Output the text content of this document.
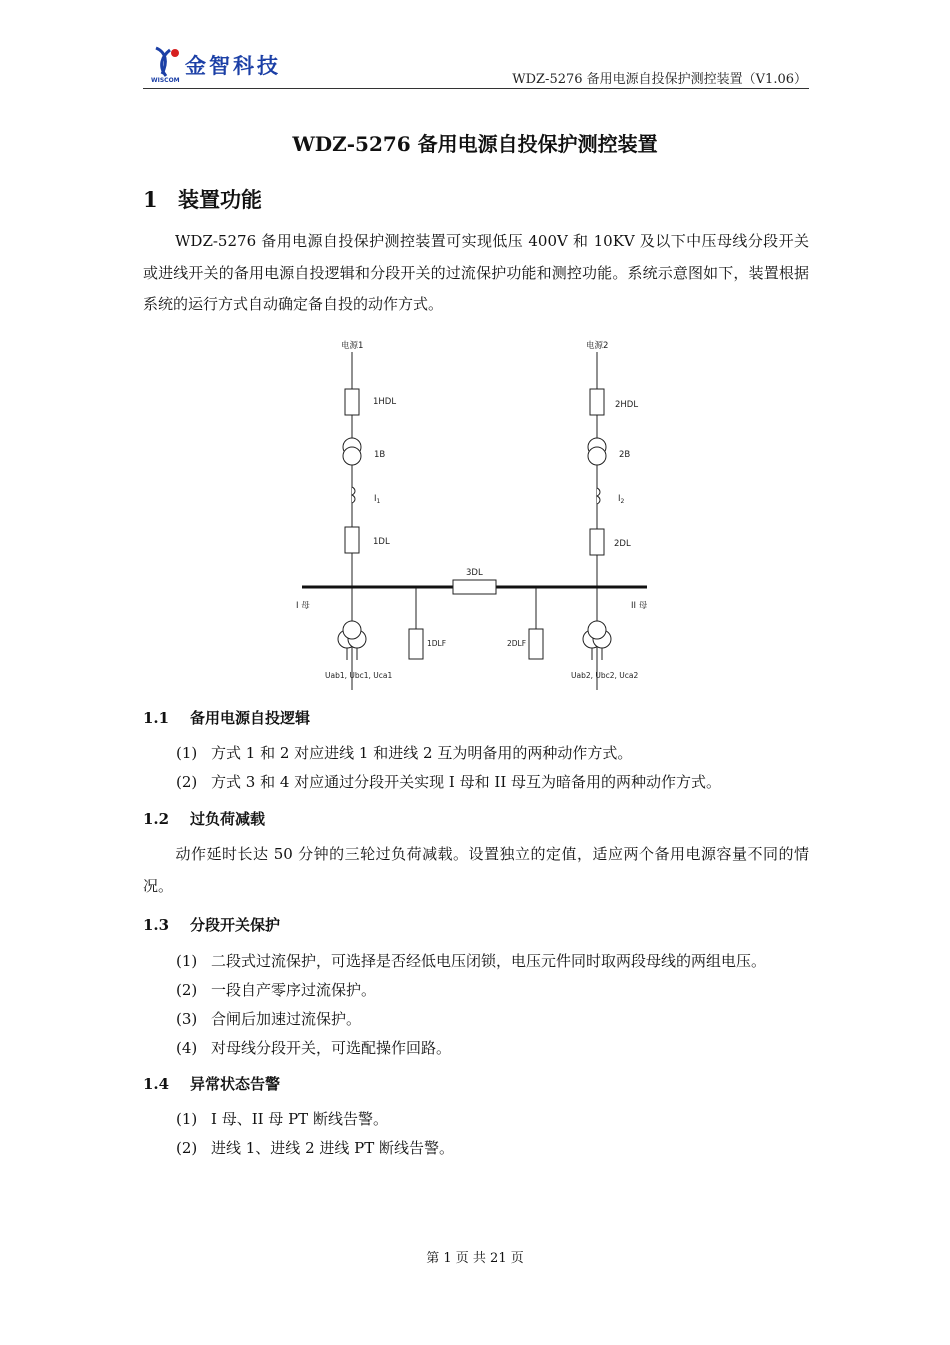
金智科技
WISCOM	WDZ-5276 备用电源自投保护测控装置（V1.06）
WDZ-5276 备用电源自投保护测控装置
1 装置功能
WDZ-5276 备用电源自投保护测控装置可实现低压 400V 和 10KV 及以下中压母线分段开关或进线开关的备用电源自投逻辑和分段开关的过流保护功能和测控功能。系统示意图如下，装置根据系统的运行方式自动确定备自投的动作方式。
电源1	电源2
1HDL	2HDL
1B	2B
$I_1$	$I_2$
1DL	2DL
3DL
I 母	II 母
1DLF	2DLF
Uab1, Ubc1, Uca1	Uab2, Ubc2, Uca2
1.1 备用电源自投逻辑
(1) 方式 1 和 2 对应进线 1 和进线 2 互为明备用的两种动作方式。
(2) 方式 3 和 4 对应通过分段开关实现 I 母和 II 母互为暗备用的两种动作方式。
1.2 过负荷减载
动作延时长达 50 分钟的三轮过负荷减载。设置独立的定值，适应两个备用电源容量不同的情况。
1.3 分段开关保护
(1) 二段式过流保护，可选择是否经低电压闭锁，电压元件同时取两段母线的两组电压。
(2) 一段自产零序过流保护。
(3) 合闸后加速过流保护。
(4) 对母线分段开关，可选配操作回路。
1.4 异常状态告警
(1) I 母、II 母 PT 断线告警。
(2) 进线 1、进线 2 进线 PT 断线告警。
第 1 页 共 21 页
